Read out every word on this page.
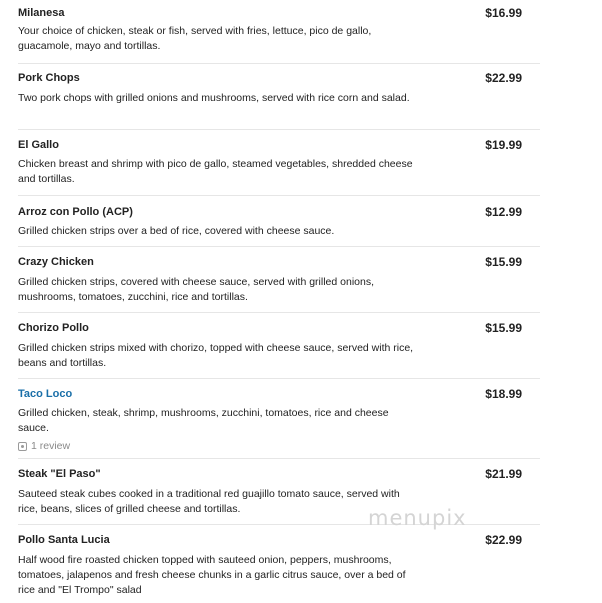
Milanesa	$16.99
Your choice of chicken, steak or fish, served with fries, lettuce, pico de gallo, guacamole, mayo and tortillas.
Pork Chops	$22.99
Two pork chops with grilled onions and mushrooms, served with rice corn and salad.
El Gallo	$19.99
Chicken breast and shrimp with pico de gallo, steamed vegetables, shredded cheese and tortillas.
Arroz con Pollo (ACP)	$12.99
Grilled chicken strips over a bed of rice, covered with cheese sauce.
Crazy Chicken	$15.99
Grilled chicken strips, covered with cheese sauce, served with grilled onions, mushrooms, tomatoes, zucchini, rice and tortillas.
Chorizo Pollo	$15.99
Grilled chicken strips mixed with chorizo, topped with cheese sauce, served with rice, beans and tortillas.
Taco Loco	$18.99
Grilled chicken, steak, shrimp, mushrooms, zucchini, tomatoes, rice and cheese sauce.
1 review
Steak "El Paso"	$21.99
Sauteed steak cubes cooked in a traditional red guajillo tomato sauce, served with rice, beans, slices of grilled cheese and tortillas.
Pollo Santa Lucia	$22.99
Half wood fire roasted chicken topped with sauteed onion, peppers, mushrooms, tomatoes, jalapenos and fresh cheese chunks in a garlic citrus sauce, over a bed of rice and "El Trompo" salad
menupix
